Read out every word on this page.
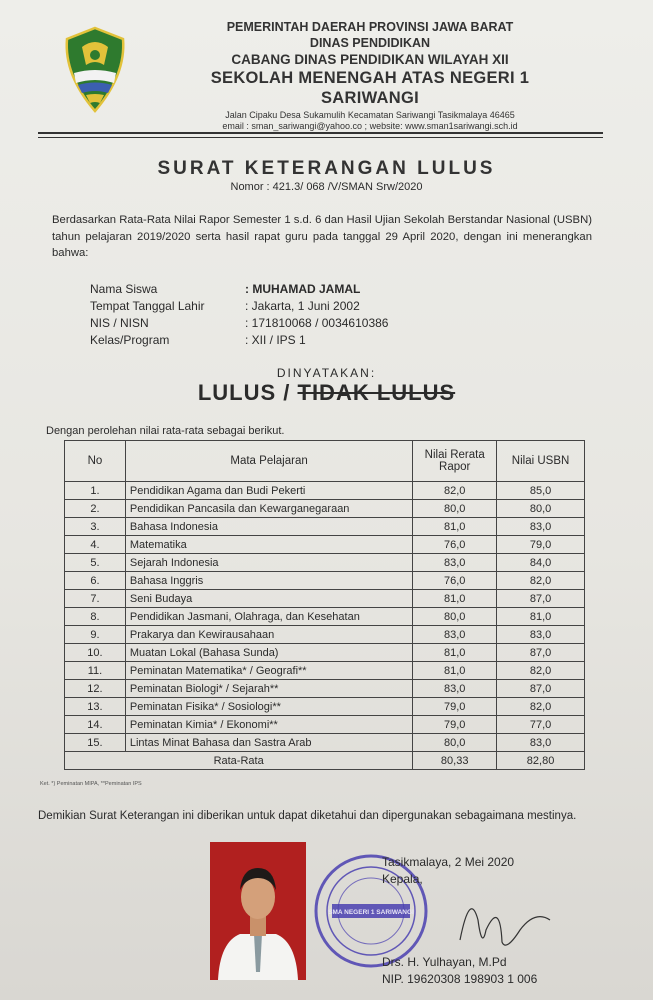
PEMERINTAH DAERAH PROVINSI JAWA BARAT
DINAS PENDIDIKAN
CABANG DINAS PENDIDIKAN WILAYAH XII
SEKOLAH MENENGAH ATAS NEGERI 1 SARIWANGI
Jalan Cipaku Desa Sukamulih Kecamatan Sariwangi Tasikmalaya 46465
email : sman_sariwangi@yahoo.co ; website: www.sman1sariwangi.sch.id
SURAT KETERANGAN LULUS
Nomor : 421.3/ 068 /V/SMAN Srw/2020
Berdasarkan Rata-Rata Nilai Rapor Semester 1 s.d. 6 dan Hasil Ujian Sekolah Berstandar Nasional (USBN) tahun pelajaran 2019/2020 serta hasil rapat guru pada tanggal 29 April 2020, dengan ini menerangkan bahwa:
Nama Siswa	: MUHAMAD JAMAL
Tempat Tanggal Lahir	: Jakarta, 1 Juni 2002
NIS / NISN	: 171810068 / 0034610386
Kelas/Program	: XII / IPS 1
DINYATAKAN:
LULUS / TIDAK LULUS
Dengan perolehan nilai rata-rata sebagai berikut.
No	Mata Pelajaran	Nilai Rerata Rapor	Nilai USBN
1.	Pendidikan Agama dan Budi Pekerti	82,0	85,0
2.	Pendidikan Pancasila dan Kewarganegaraan	80,0	80,0
3.	Bahasa Indonesia	81,0	83,0
4.	Matematika	76,0	79,0
5.	Sejarah Indonesia	83,0	84,0
6.	Bahasa Inggris	76,0	82,0
7.	Seni Budaya	81,0	87,0
8.	Pendidikan Jasmani, Olahraga, dan Kesehatan	80,0	81,0
9.	Prakarya dan Kewirausahaan	83,0	83,0
10.	Muatan Lokal (Bahasa Sunda)	81,0	87,0
11.	Peminatan Matematika* / Geografi**	81,0	82,0
12.	Peminatan Biologi* / Sejarah**	83,0	87,0
13.	Peminatan Fisika* / Sosiologi**	79,0	82,0
14.	Peminatan Kimia* / Ekonomi**	79,0	77,0
15.	Lintas Minat Bahasa dan Sastra Arab	80,0	83,0
Rata-Rata		80,33	82,80
Ket. *) Peminatan MIPA, **Peminatan IPS
Demikian Surat Keterangan ini diberikan untuk dapat diketahui dan dipergunakan sebagaimana mestinya.
SMA NEGERI 1 SARIWANGI
Tasikmalaya, 2 Mei 2020
Kepala,
Drs. H. Yulhayan, M.Pd
NIP. 19620308 198903 1 006
